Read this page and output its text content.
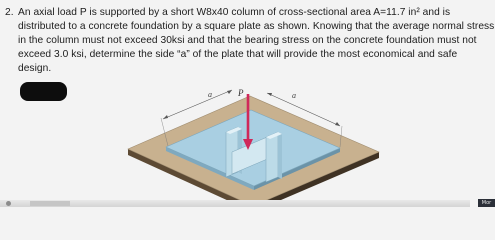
2. An axial load P is supported by a short W8x40 column of cross-sectional area A=11.7 in² and is
distributed to a concrete foundation by a square plate as shown. Knowing that the average normal stress
in the column must not exceed 30ksi and that the bearing stress on the concrete foundation must not
exceed 3.0 ksi, determine the side “a” of the plate that will provide the most economical and safe
design.
P
a	a
Mor
